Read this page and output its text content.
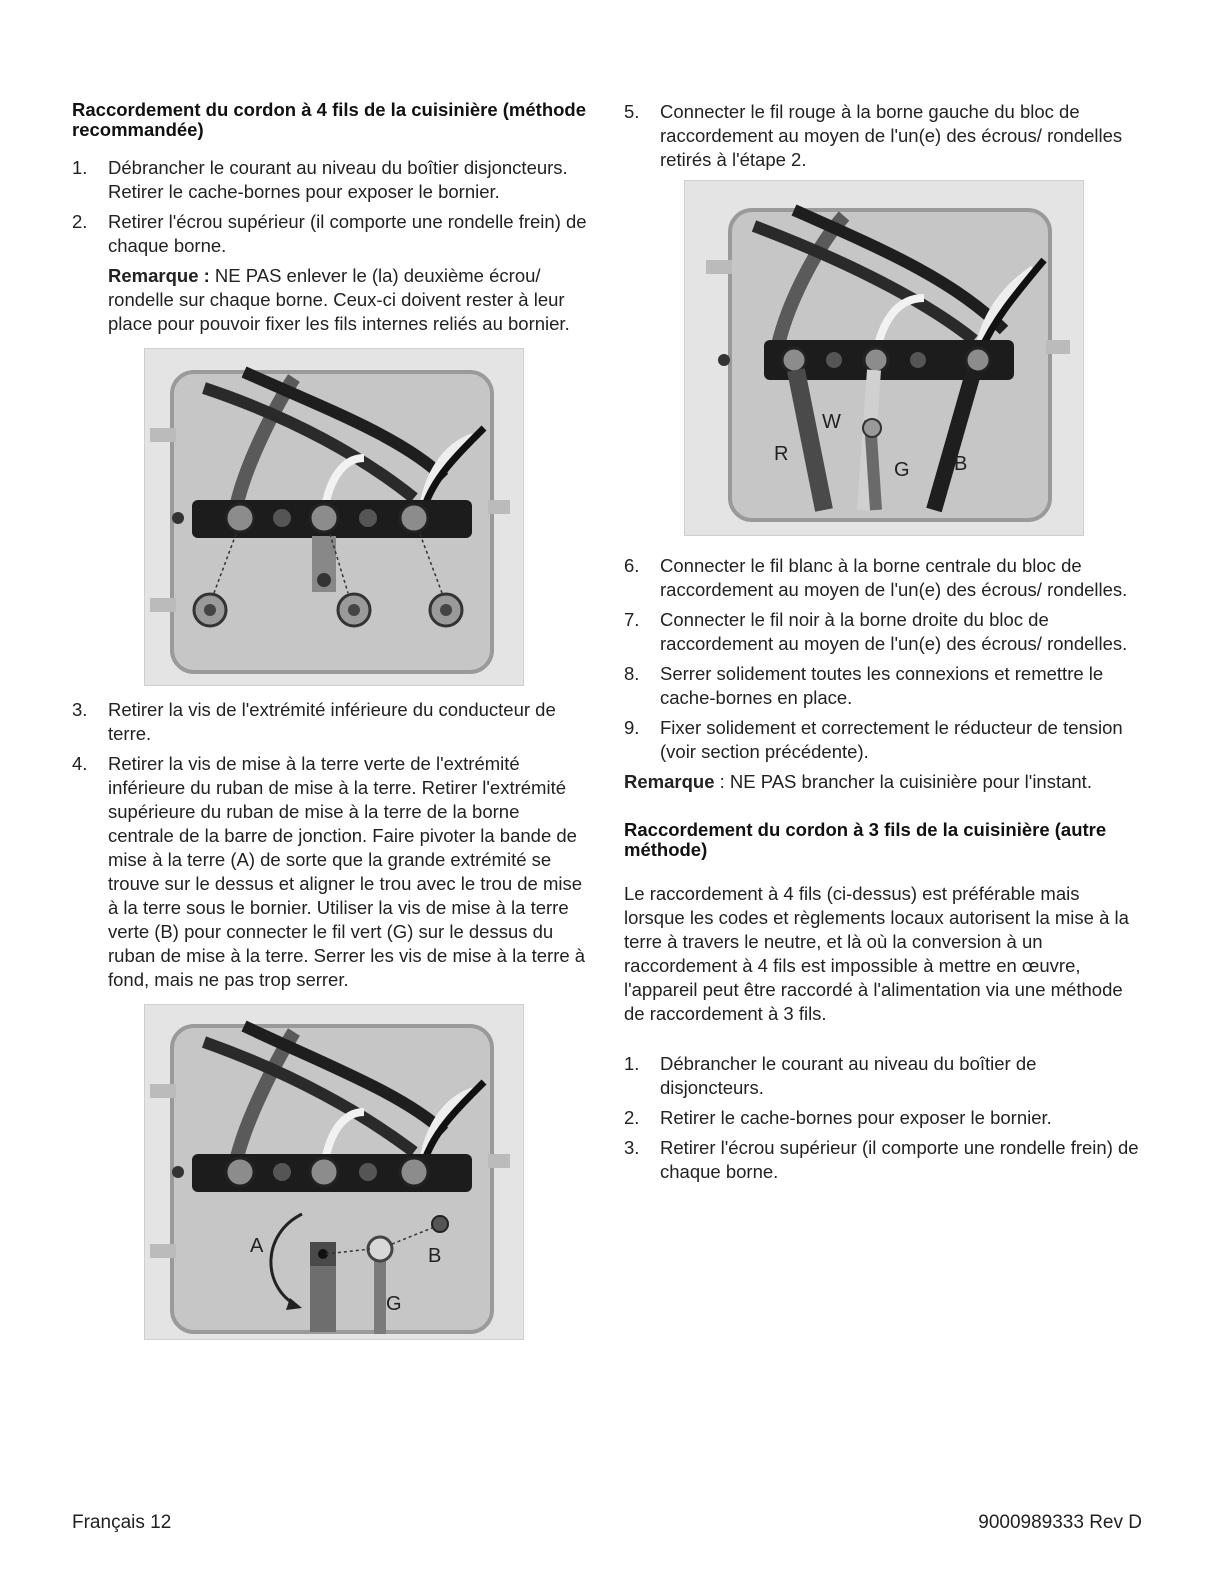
Raccordement du cordon à 4 fils de la cuisinière (méthode recommandée)
1. Débrancher le courant au niveau du boîtier disjoncteurs. Retirer le cache-bornes pour exposer le bornier.
2. Retirer l'écrou supérieur (il comporte une rondelle frein) de chaque borne.
Remarque : NE PAS enlever le (la) deuxième écrou/ rondelle sur chaque borne. Ceux-ci doivent rester à leur place pour pouvoir fixer les fils internes reliés au bornier.
3. Retirer la vis de l'extrémité inférieure du conducteur de terre.
4. Retirer la vis de mise à la terre verte de l'extrémité inférieure du ruban de mise à la terre. Retirer l'extrémité supérieure du ruban de mise à la terre de la borne centrale de la barre de jonction. Faire pivoter la bande de mise à la terre (A) de sorte que la grande extrémité se trouve sur le dessus et aligner le trou avec le trou de mise à la terre sous le bornier. Utiliser la vis de mise à la terre verte (B) pour connecter le fil vert (G) sur le dessus du ruban de mise à la terre. Serrer les vis de mise à la terre à fond, mais ne pas trop serrer.
A	B
G
5. Connecter le fil rouge à la borne gauche du bloc de raccordement au moyen de l'un(e) des écrous/ rondelles retirés à l'étape 2.
R
W
G B
6. Connecter le fil blanc à la borne centrale du bloc de raccordement au moyen de l'un(e) des écrous/ rondelles.
7. Connecter le fil noir à la borne droite du bloc de raccordement au moyen de l'un(e) des écrous/ rondelles.
8. Serrer solidement toutes les connexions et remettre le cache-bornes en place.
9. Fixer solidement et correctement le réducteur de tension (voir section précédente).

Remarque : NE PAS brancher la cuisinière pour l'instant.

Raccordement du cordon à 3 fils de la cuisinière (autre méthode)

Le raccordement à 4 fils (ci-dessus) est préférable mais lorsque les codes et règlements locaux autorisent la mise à la terre à travers le neutre, et là où la conversion à un raccordement à 4 fils est impossible à mettre en œuvre, l'appareil peut être raccordé à l'alimentation via une méthode de raccordement à 3 fils.

1. Débrancher le courant au niveau du boîtier de disjoncteurs.
2. Retirer le cache-bornes pour exposer le bornier.
3. Retirer l'écrou supérieur (il comporte une rondelle frein) de chaque borne.
Français 12	9000989333 Rev D
